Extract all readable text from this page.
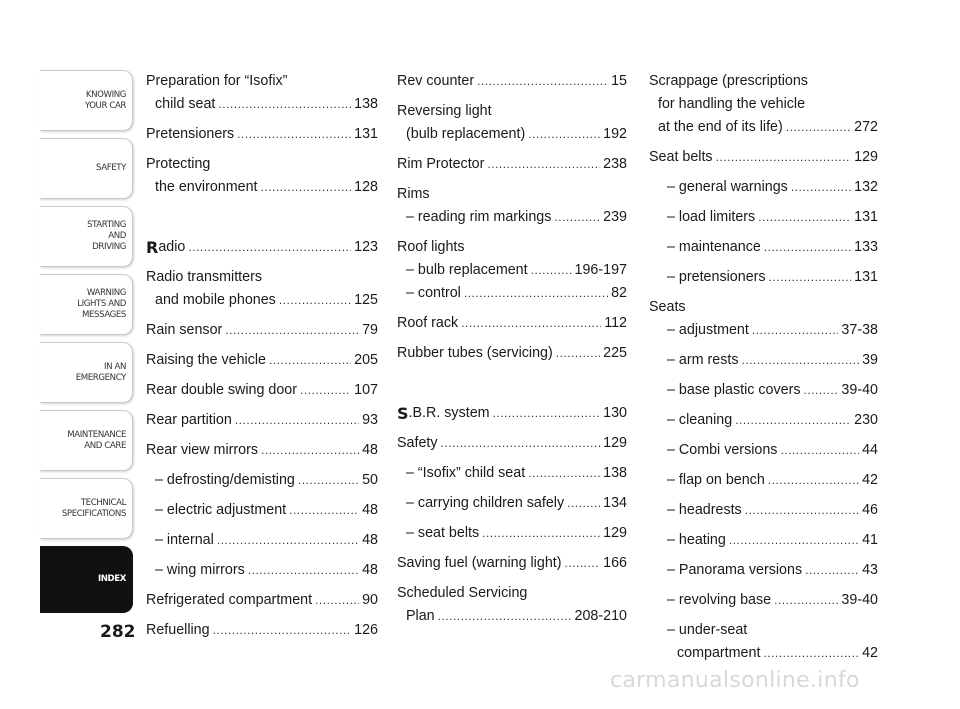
KNOWING
YOUR CAR
SAFETY
STARTING
AND
DRIVING
WARNING
LIGHTS AND
MESSAGES
IN AN
EMERGENCY
MAINTENANCE
AND CARE
TECHNICAL
SPECIFICATIONS
INDEX
282
Preparation for “Isofix”
child seat .....	138
Pretensioners .....	131
Protecting
the environment .....	128
R adio .....	123
Radio transmitters
and mobile phones .....	125
Rain sensor .....	79
Raising the vehicle .....	205
Rear double swing door .....	107
Rear partition .....	93
Rear view mirrors .....	48
– defrosting/demisting .....	50
– electric adjustment .....	48
– internal .....	48
– wing mirrors .....	48
Refrigerated compartment .....	90
Refuelling .....	126
Rev counter .....	15
Reversing light
(bulb replacement) .....	192
Rim Protector .....	238
Rims
– reading rim markings .....	239
Roof lights
– bulb replacement .....	196-197
– control .....	82
Roof rack .....	112
Rubber tubes (servicing) .....	225
S .B.R. system .....	130
Safety .....	129
– “Isofix” child seat .....	138
– carrying children safely .....	134
– seat belts .....	129
Saving fuel (warning light) .....	166
Scheduled Servicing
Plan .....	208-210
Scrappage (prescriptions
for handling the vehicle
at the end of its life) .....	272
Seat belts .....	129
– general warnings .....	132
– load limiters .....	131
– maintenance .....	133
– pretensioners .....	131
Seats
– adjustment .....	37-38
– arm rests .....	39
– base plastic covers .....	39-40
– cleaning .....	230
– Combi versions .....	44
– flap on bench .....	42
– headrests .....	46
– heating .....	41
– Panorama versions .....	43
– revolving base .....	39-40
– under-seat
compartment .....	42
carmanualsonline.info
